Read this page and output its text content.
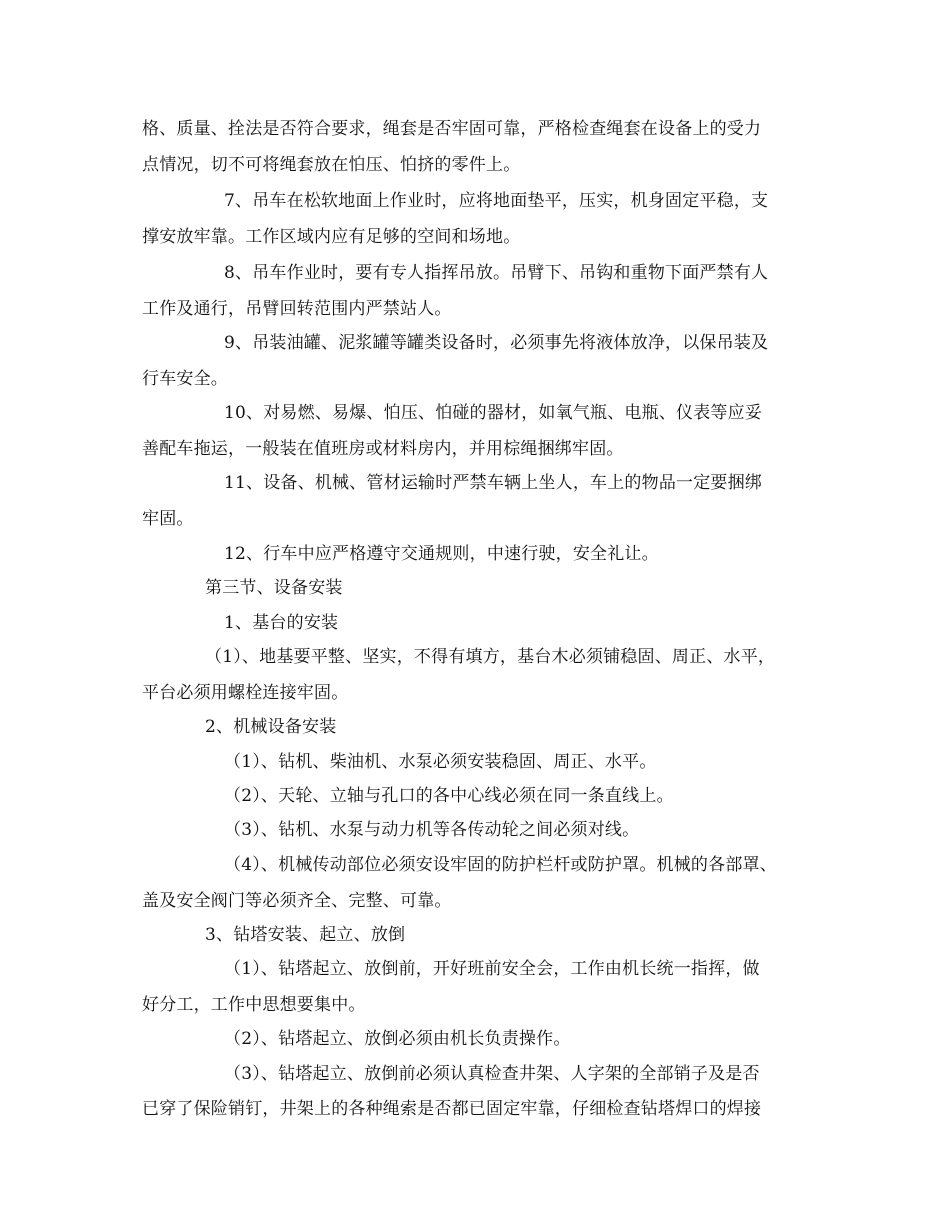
格、质量、拴法是否符合要求，绳套是否牢固可靠，严格检查绳套在设备上的受力
点情况，切不可将绳套放在怕压、怕挤的零件上。
7、吊车在松软地面上作业时，应将地面垫平，压实，机身固定平稳，支
撑安放牢靠。工作区域内应有足够的空间和场地。
8、吊车作业时，要有专人指挥吊放。吊臂下、吊钩和重物下面严禁有人
工作及通行，吊臂回转范围内严禁站人。
9、吊装油罐、泥浆罐等罐类设备时，必须事先将液体放净，以保吊装及
行车安全。
10、对易燃、易爆、怕压、怕碰的器材，如氧气瓶、电瓶、仪表等应妥
善配车拖运，一般装在值班房或材料房内，并用棕绳捆绑牢固。
11、设备、机械、管材运输时严禁车辆上坐人，车上的物品一定要捆绑
牢固。
12、行车中应严格遵守交通规则，中速行驶，安全礼让。
第三节、设备安装
1、基台的安装
（1）、地基要平整、坚实，不得有填方，基台木必须铺稳固、周正、水平，
平台必须用螺栓连接牢固。
2、机械设备安装
（1）、钻机、柴油机、水泵必须安装稳固、周正、水平。
（2）、天轮、立轴与孔口的各中心线必须在同一条直线上。
（3）、钻机、水泵与动力机等各传动轮之间必须对线。
（4）、机械传动部位必须安设牢固的防护栏杆或防护罩。机械的各部罩、
盖及安全阀门等必须齐全、完整、可靠。
3、钻塔安装、起立、放倒
（1）、钻塔起立、放倒前，开好班前安全会，工作由机长统一指挥，做
好分工，工作中思想要集中。
（2）、钻塔起立、放倒必须由机长负责操作。
（3）、钻塔起立、放倒前必须认真检查井架、人字架的全部销子及是否
已穿了保险销钉，井架上的各种绳索是否都已固定牢靠，仔细检查钻塔焊口的焊接
